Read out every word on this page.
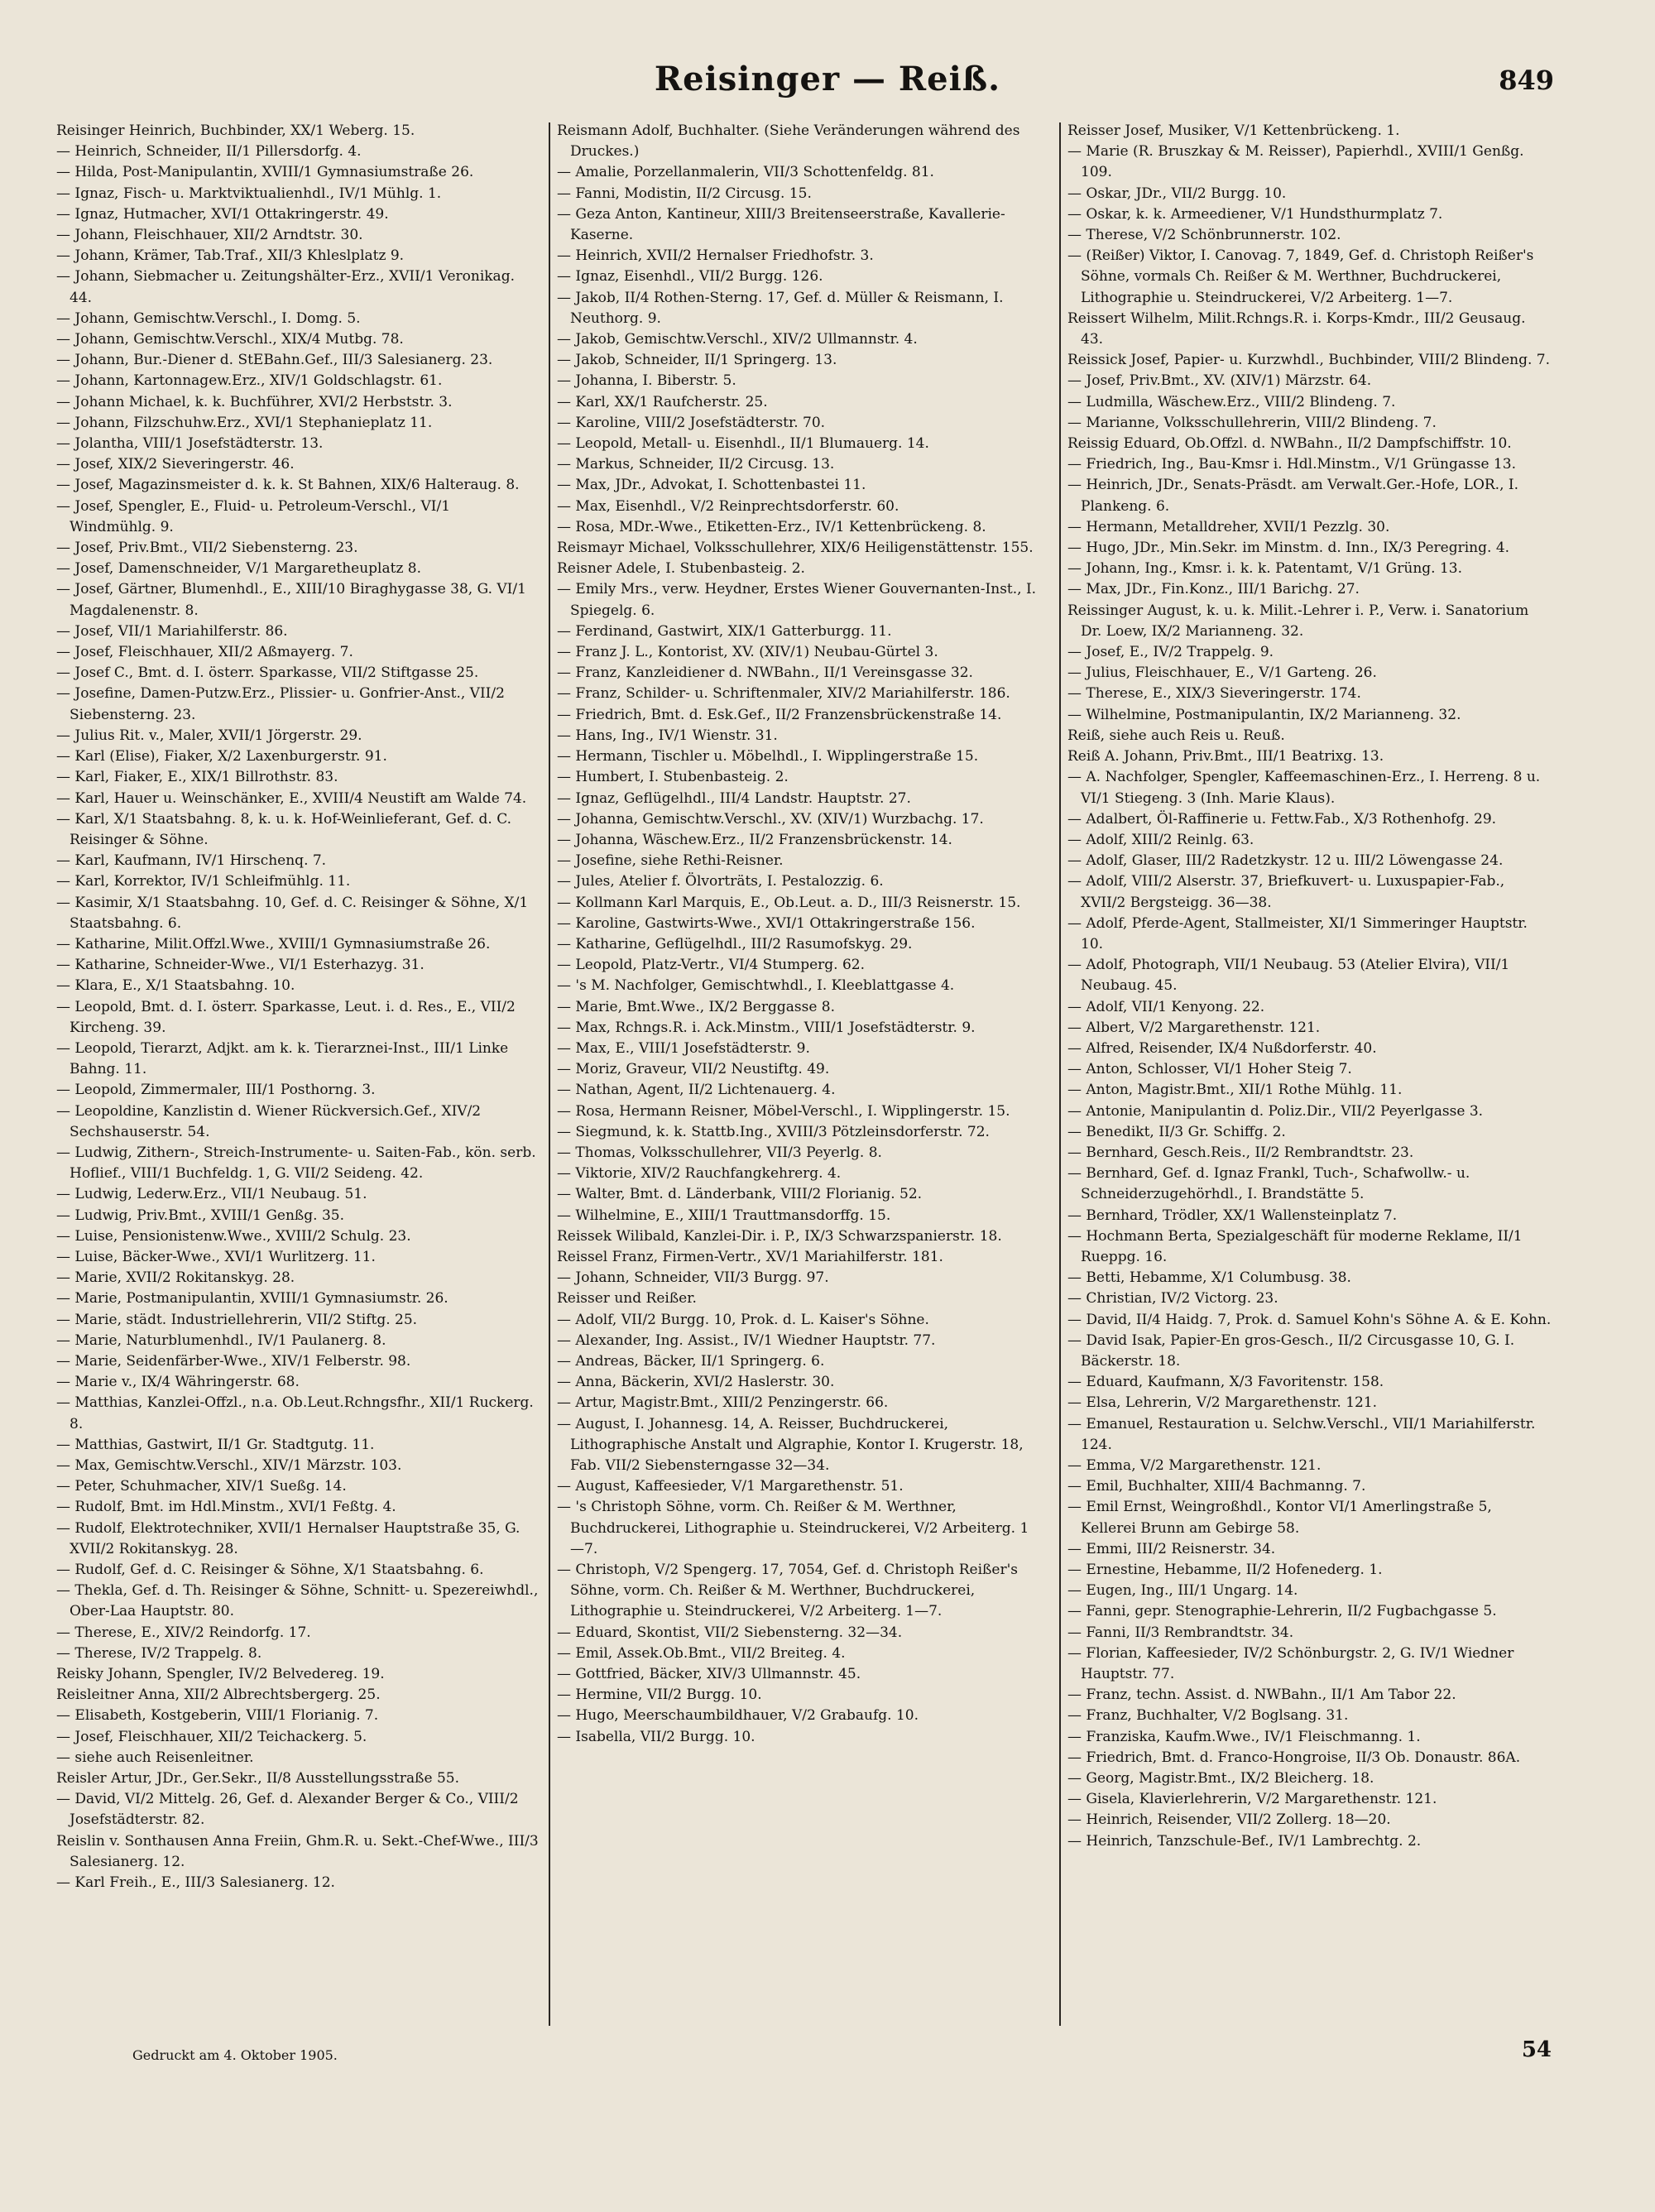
Reisinger — Reiß.	849
Reisinger Heinrich, Buchbinder, XX/1 Weberg. 15.
— Heinrich, Schneider, II/1 Pillersdorfg. 4.
— Hilda, Post-Manipulantin, XVIII/1 Gymnasiumstraße 26.
— Ignaz, Fisch- u. Marktviktualienhdl., IV/1 Mühlg. 1.
— Ignaz, Hutmacher, XVI/1 Ottakringerstr. 49.
— Johann, Fleischhauer, XII/2 Arndtstr. 30.
— Johann, Krämer, Tab.Traf., XII/3 Khleslplatz 9.
— Johann, Siebmacher u. Zeitungshälter-Erz., XVII/1 Veronikag. 44.
— Johann, Gemischtw.Verschl., I. Domg. 5.
— Johann, Gemischtw.Verschl., XIX/4 Mutbg. 78.
— Johann, Bur.-Diener d. StEBahn.Gef., III/3 Salesianerg. 23.
— Johann, Kartonnagew.Erz., XIV/1 Goldschlagstr. 61.
— Johann Michael, k. k. Buchführer, XVI/2 Herbststr. 3.
— Johann, Filzschuhw.Erz., XVI/1 Stephanieplatz 11.
— Jolantha, VIII/1 Josefstädterstr. 13.
— Josef, XIX/2 Sieveringerstr. 46.
— Josef, Magazinsmeister d. k. k. St Bahnen, XIX/6 Halteraug. 8.
— Josef, Spengler, E., Fluid- u. Petroleum-Verschl., VI/1 Windmühlg. 9.
— Josef, Priv.Bmt., VII/2 Siebensterng. 23.
— Josef, Damenschneider, V/1 Margaretheuplatz 8.
— Josef, Gärtner, Blumenhdl., E., XIII/10 Biraghygasse 38, G. VI/1 Magdalenenstr. 8.
— Josef, VII/1 Mariahilferstr. 86.
— Josef, Fleischhauer, XII/2 Aßmayerg. 7.
— Josef C., Bmt. d. I. österr. Sparkasse, VII/2 Stiftgasse 25.
— Josefine, Damen-Putzw.Erz., Plissier- u. Gonfrier-Anst., VII/2 Siebensterng. 23.
— Julius Rit. v., Maler, XVII/1 Jörgerstr. 29.
— Karl (Elise), Fiaker, X/2 Laxenburgerstr. 91.
— Karl, Fiaker, E., XIX/1 Billrothstr. 83.
— Karl, Hauer u. Weinschänker, E., XVIII/4 Neustift am Walde 74.
— Karl, X/1 Staatsbahng. 8, k. u. k. Hof-Weinlieferant, Gef. d. C. Reisinger & Söhne.
— Karl, Kaufmann, IV/1 Hirschenq. 7.
— Karl, Korrektor, IV/1 Schleifmühlg. 11.
— Kasimir, X/1 Staatsbahng. 10, Gef. d. C. Reisinger & Söhne, X/1 Staatsbahng. 6.
— Katharine, Milit.Offzl.Wwe., XVIII/1 Gymnasiumstraße 26.
— Katharine, Schneider-Wwe., VI/1 Esterhazyg. 31.
— Klara, E., X/1 Staatsbahng. 10.
— Leopold, Bmt. d. I. österr. Sparkasse, Leut. i. d. Res., E., VII/2 Kircheng. 39.
— Leopold, Tierarzt, Adjkt. am k. k. Tierarznei-Inst., III/1 Linke Bahng. 11.
— Leopold, Zimmermaler, III/1 Posthorng. 3.
— Leopoldine, Kanzlistin d. Wiener Rückversich.Gef., XIV/2 Sechshauserstr. 54.
— Ludwig, Zithern-, Streich-Instrumente- u. Saiten-Fab., kön. serb. Hoflief., VIII/1 Buchfeldg. 1, G. VII/2 Seideng. 42.
— Ludwig, Lederw.Erz., VII/1 Neubaug. 51.
— Ludwig, Priv.Bmt., XVIII/1 Genßg. 35.
— Luise, Pensionistenw.Wwe., XVIII/2 Schulg. 23.
— Luise, Bäcker-Wwe., XVI/1 Wurlitzerg. 11.
— Marie, XVII/2 Rokitanskyg. 28.
— Marie, Postmanipulantin, XVIII/1 Gymnasiumstr. 26.
— Marie, städt. Industriellehrerin, VII/2 Stiftg. 25.
— Marie, Naturblumenhdl., IV/1 Paulanerg. 8.
— Marie, Seidenfärber-Wwe., XIV/1 Felberstr. 98.
— Marie v., IX/4 Währingerstr. 68.
— Matthias, Kanzlei-Offzl., n.a. Ob.Leut.Rchngsfhr., XII/1 Ruckerg. 8.
— Matthias, Gastwirt, II/1 Gr. Stadtgutg. 11.
— Max, Gemischtw.Verschl., XIV/1 Märzstr. 103.
— Peter, Schuhmacher, XIV/1 Sueßg. 14.
— Rudolf, Bmt. im Hdl.Minstm., XVI/1 Feßtg. 4.
— Rudolf, Elektrotechniker, XVII/1 Hernalser Hauptstraße 35, G. XVII/2 Rokitanskyg. 28.
— Rudolf, Gef. d. C. Reisinger & Söhne, X/1 Staatsbahng. 6.
— Thekla, Gef. d. Th. Reisinger & Söhne, Schnitt- u. Spezereiwhdl., Ober-Laa Hauptstr. 80.
— Therese, E., XIV/2 Reindorfg. 17.
— Therese, IV/2 Trappelg. 8.
Reisky Johann, Spengler, IV/2 Belvedereg. 19.
Reisleitner Anna, XII/2 Albrechtsbergerg. 25.
— Elisabeth, Kostgeberin, VIII/1 Florianig. 7.
— Josef, Fleischhauer, XII/2 Teichackerg. 5.
— siehe auch Reisenleitner.
Reisler Artur, JDr., Ger.Sekr., II/8 Ausstellungsstraße 55.
— David, VI/2 Mittelg. 26, Gef. d. Alexander Berger & Co., VIII/2 Josefstädterstr. 82.
Reislin v. Sonthausen Anna Freiin, Ghm.R. u. Sekt.-Chef-Wwe., III/3 Salesianerg. 12.
— Karl Freih., E., III/3 Salesianerg. 12.
Reismann Adolf, Buchhalter. (Siehe Veränderungen während des Druckes.)
— Amalie, Porzellanmalerin, VII/3 Schottenfeldg. 81.
— Fanni, Modistin, II/2 Circusg. 15.
— Geza Anton, Kantineur, XIII/3 Breitenseerstraße, Kavallerie-Kaserne.
— Heinrich, XVII/2 Hernalser Friedhofstr. 3.
— Ignaz, Eisenhdl., VII/2 Burgg. 126.
— Jakob, II/4 Rothen-Sterng. 17, Gef. d. Müller & Reismann, I. Neuthorg. 9.
— Jakob, Gemischtw.Verschl., XIV/2 Ullmannstr. 4.
— Jakob, Schneider, II/1 Springerg. 13.
— Johanna, I. Biberstr. 5.
— Karl, XX/1 Raufcherstr. 25.
— Karoline, VIII/2 Josefstädterstr. 70.
— Leopold, Metall- u. Eisenhdl., II/1 Blumauerg. 14.
— Markus, Schneider, II/2 Circusg. 13.
— Max, JDr., Advokat, I. Schottenbastei 11.
— Max, Eisenhdl., V/2 Reinprechtsdorferstr. 60.
— Rosa, MDr.-Wwe., Etiketten-Erz., IV/1 Kettenbrückeng. 8.
Reismayr Michael, Volksschullehrer, XIX/6 Heiligenstättenstr. 155.
Reisner Adele, I. Stubenbasteig. 2.
— Emily Mrs., verw. Heydner, Erstes Wiener Gouvernanten-Inst., I. Spiegelg. 6.
— Ferdinand, Gastwirt, XIX/1 Gatterburgg. 11.
— Franz J. L., Kontorist, XV. (XIV/1) Neubau-Gürtel 3.
— Franz, Kanzleidiener d. NWBahn., II/1 Vereinsgasse 32.
— Franz, Schilder- u. Schriftenmaler, XIV/2 Mariahilferstr. 186.
— Friedrich, Bmt. d. Esk.Gef., II/2 Franzensbrückenstraße 14.
— Hans, Ing., IV/1 Wienstr. 31.
— Hermann, Tischler u. Möbelhdl., I. Wipplingerstraße 15.
— Humbert, I. Stubenbasteig. 2.
— Ignaz, Geflügelhdl., III/4 Landstr. Hauptstr. 27.
— Johanna, Gemischtw.Verschl., XV. (XIV/1) Wurzbachg. 17.
— Johanna, Wäschew.Erz., II/2 Franzensbrückenstr. 14.
— Josefine, siehe Rethi-Reisner.
— Jules, Atelier f. Ölvorträts, I. Pestalozzig. 6.
— Kollmann Karl Marquis, E., Ob.Leut. a. D., III/3 Reisnerstr. 15.
— Karoline, Gastwirts-Wwe., XVI/1 Ottakringerstraße 156.
— Katharine, Geflügelhdl., III/2 Rasumofskyg. 29.
— Leopold, Platz-Vertr., VI/4 Stumperg. 62.
— 's M. Nachfolger, Gemischtwhdl., I. Kleeblattgasse 4.
— Marie, Bmt.Wwe., IX/2 Berggasse 8.
— Max, Rchngs.R. i. Ack.Minstm., VIII/1 Josefstädterstr. 9.
— Max, E., VIII/1 Josefstädterstr. 9.
— Moriz, Graveur, VII/2 Neustiftg. 49.
— Nathan, Agent, II/2 Lichtenauerg. 4.
— Rosa, Hermann Reisner, Möbel-Verschl., I. Wipplingerstr. 15.
— Siegmund, k. k. Stattb.Ing., XVIII/3 Pötzleinsdorferstr. 72.
— Thomas, Volksschullehrer, VII/3 Peyerlg. 8.
— Viktorie, XIV/2 Rauchfangkehrerg. 4.
— Walter, Bmt. d. Länderbank, VIII/2 Florianig. 52.
— Wilhelmine, E., XIII/1 Trauttmansdorffg. 15.
Reissek Wilibald, Kanzlei-Dir. i. P., IX/3 Schwarzspanierstr. 18.
Reissel Franz, Firmen-Vertr., XV/1 Mariahilferstr. 181.
— Johann, Schneider, VII/3 Burgg. 97.
Reisser und Reißer.
— Adolf, VII/2 Burgg. 10, Prok. d. L. Kaiser's Söhne.
— Alexander, Ing. Assist., IV/1 Wiedner Hauptstr. 77.
— Andreas, Bäcker, II/1 Springerg. 6.
— Anna, Bäckerin, XVI/2 Haslerstr. 30.
— Artur, Magistr.Bmt., XIII/2 Penzingerstr. 66.
— August, I. Johannesg. 14, A. Reisser, Buchdruckerei, Lithographische Anstalt und Algraphie, Kontor I. Krugerstr. 18, Fab. VII/2 Siebensterngasse 32—34.
— August, Kaffeesieder, V/1 Margarethenstr. 51.
— 's Christoph Söhne, vorm. Ch. Reißer & M. Werthner, Buchdruckerei, Lithographie u. Steindruckerei, V/2 Arbeiterg. 1—7.
— Christoph, V/2 Spengerg. 17, 7054, Gef. d. Christoph Reißer's Söhne, vorm. Ch. Reißer & M. Werthner, Buchdruckerei, Lithographie u. Steindruckerei, V/2 Arbeiterg. 1—7.
— Eduard, Skontist, VII/2 Siebensterng. 32—34.
— Emil, Assek.Ob.Bmt., VII/2 Breiteg. 4.
— Gottfried, Bäcker, XIV/3 Ullmannstr. 45.
— Hermine, VII/2 Burgg. 10.
— Hugo, Meerschaumbildhauer, V/2 Grabaufg. 10.
— Isabella, VII/2 Burgg. 10.
Reisser Josef, Musiker, V/1 Kettenbrückeng. 1.
— Marie (R. Bruszkay & M. Reisser), Papierhdl., XVIII/1 Genßg. 109.
— Oskar, JDr., VII/2 Burgg. 10.
— Oskar, k. k. Armeediener, V/1 Hundsthurmplatz 7.
— Therese, V/2 Schönbrunnerstr. 102.
— (Reißer) Viktor, I. Canovag. 7, 1849, Gef. d. Christoph Reißer's Söhne, vormals Ch. Reißer & M. Werthner, Buchdruckerei, Lithographie u. Steindruckerei, V/2 Arbeiterg. 1—7.
Reissert Wilhelm, Milit.Rchngs.R. i. Korps-Kmdr., III/2 Geusaug. 43.
Reissick Josef, Papier- u. Kurzwhdl., Buchbinder, VIII/2 Blindeng. 7.
— Josef, Priv.Bmt., XV. (XIV/1) Märzstr. 64.
— Ludmilla, Wäschew.Erz., VIII/2 Blindeng. 7.
— Marianne, Volksschullehrerin, VIII/2 Blindeng. 7.
Reissig Eduard, Ob.Offzl. d. NWBahn., II/2 Dampfschiffstr. 10.
— Friedrich, Ing., Bau-Kmsr i. Hdl.Minstm., V/1 Grüngasse 13.
— Heinrich, JDr., Senats-Präsdt. am Verwalt.Ger.-Hofe, LOR., I. Plankeng. 6.
— Hermann, Metalldreher, XVII/1 Pezzlg. 30.
— Hugo, JDr., Min.Sekr. im Minstm. d. Inn., IX/3 Peregring. 4.
— Johann, Ing., Kmsr. i. k. k. Patentamt, V/1 Grüng. 13.
— Max, JDr., Fin.Konz., III/1 Barichg. 27.
Reissinger August, k. u. k. Milit.-Lehrer i. P., Verw. i. Sanatorium Dr. Loew, IX/2 Marianneng. 32.
— Josef, E., IV/2 Trappelg. 9.
— Julius, Fleischhauer, E., V/1 Garteng. 26.
— Therese, E., XIX/3 Sieveringerstr. 174.
— Wilhelmine, Postmanipulantin, IX/2 Marianneng. 32.
Reiß, siehe auch Reis u. Reuß.
Reiß A. Johann, Priv.Bmt., III/1 Beatrixg. 13.
— A. Nachfolger, Spengler, Kaffeemaschinen-Erz., I. Herreng. 8 u. VI/1 Stiegeng. 3 (Inh. Marie Klaus).
— Adalbert, Öl-Raffinerie u. Fettw.Fab., X/3 Rothenhofg. 29.
— Adolf, XIII/2 Reinlg. 63.
— Adolf, Glaser, III/2 Radetzkystr. 12 u. III/2 Löwengasse 24.
— Adolf, VIII/2 Alserstr. 37, Briefkuvert- u. Luxuspapier-Fab., XVII/2 Bergsteigg. 36—38.
— Adolf, Pferde-Agent, Stallmeister, XI/1 Simmeringer Hauptstr. 10.
— Adolf, Photograph, VII/1 Neubaug. 53 (Atelier Elvira), VII/1 Neubaug. 45.
— Adolf, VII/1 Kenyong. 22.
— Albert, V/2 Margarethenstr. 121.
— Alfred, Reisender, IX/4 Nußdorferstr. 40.
— Anton, Schlosser, VI/1 Hoher Steig 7.
— Anton, Magistr.Bmt., XII/1 Rothe Mühlg. 11.
— Antonie, Manipulantin d. Poliz.Dir., VII/2 Peyerlgasse 3.
— Benedikt, II/3 Gr. Schiffg. 2.
— Bernhard, Gesch.Reis., II/2 Rembrandtstr. 23.
— Bernhard, Gef. d. Ignaz Frankl, Tuch-, Schafwollw.- u. Schneiderzugehörhdl., I. Brandstätte 5.
— Bernhard, Trödler, XX/1 Wallensteinplatz 7.
— Hochmann Berta, Spezialgeschäft für moderne Reklame, II/1 Rueppg. 16.
— Betti, Hebamme, X/1 Columbusg. 38.
— Christian, IV/2 Victorg. 23.
— David, II/4 Haidg. 7, Prok. d. Samuel Kohn's Söhne A. & E. Kohn.
— David Isak, Papier-En gros-Gesch., II/2 Circusgasse 10, G. I. Bäckerstr. 18.
— Eduard, Kaufmann, X/3 Favoritenstr. 158.
— Elsa, Lehrerin, V/2 Margarethenstr. 121.
— Emanuel, Restauration u. Selchw.Verschl., VII/1 Mariahilferstr. 124.
— Emma, V/2 Margarethenstr. 121.
— Emil, Buchhalter, XIII/4 Bachmanng. 7.
— Emil Ernst, Weingroßhdl., Kontor VI/1 Amerlingstraße 5, Kellerei Brunn am Gebirge 58.
— Emmi, III/2 Reisnerstr. 34.
— Ernestine, Hebamme, II/2 Hofenederg. 1.
— Eugen, Ing., III/1 Ungarg. 14.
— Fanni, gepr. Stenographie-Lehrerin, II/2 Fugbachgasse 5.
— Fanni, II/3 Rembrandtstr. 34.
— Florian, Kaffeesieder, IV/2 Schönburgstr. 2, G. IV/1 Wiedner Hauptstr. 77.
— Franz, techn. Assist. d. NWBahn., II/1 Am Tabor 22.
— Franz, Buchhalter, V/2 Boglsang. 31.
— Franziska, Kaufm.Wwe., IV/1 Fleischmanng. 1.
— Friedrich, Bmt. d. Franco-Hongroise, II/3 Ob. Donaustr. 86A.
— Georg, Magistr.Bmt., IX/2 Bleicherg. 18.
— Gisela, Klavierlehrerin, V/2 Margarethenstr. 121.
— Heinrich, Reisender, VII/2 Zollerg. 18—20.
— Heinrich, Tanzschule-Bef., IV/1 Lambrechtg. 2.
Gedruckt am 4. Oktober 1905.	54
